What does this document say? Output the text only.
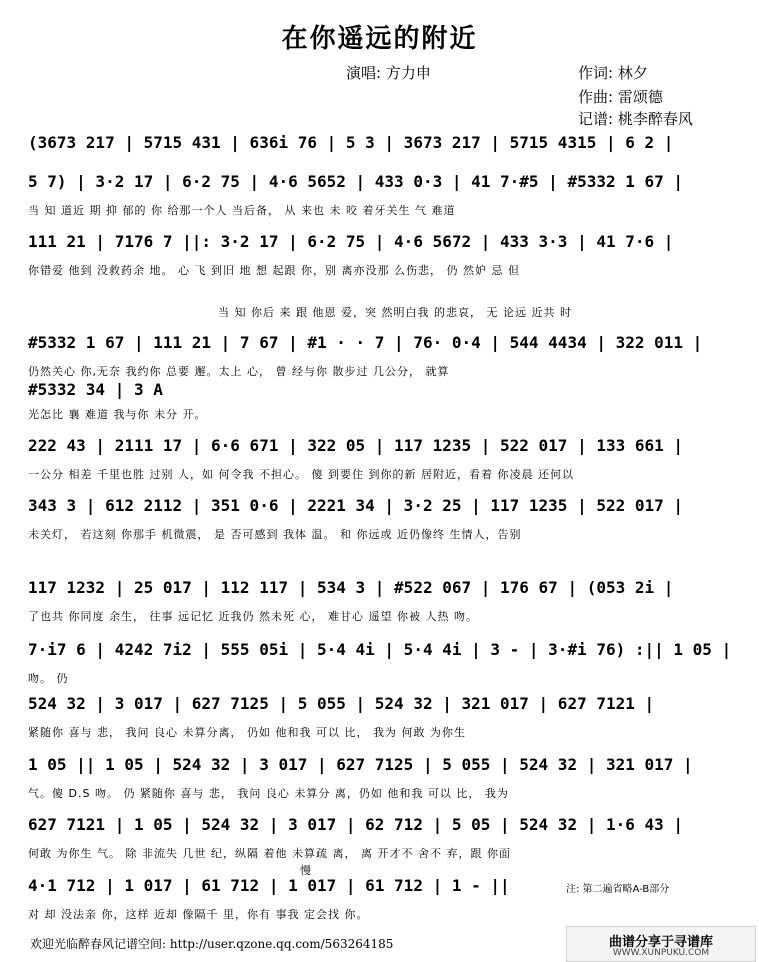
在你遥远的附近
演唱: 方力申	作词: 林夕
作曲: 雷颂德
记谱: 桃李醉春风
(3673 217 | 5715 431 | 636i 76 | 5 3 | 3673 217 | 5715 4315 | 6 2 |
5 7) | 3·2 17 | 6·2 75 | 4·6 5652 | 433 0·3 | 41 7·#5 | #5332 1 67 |
当 知 道近 期 抑 郁的 你 给那一个人 当后备， 从 来也 未 咬 着牙关生 气 难道
111 21 | 7176 7 ||: 3·2 17 | 6·2 75 | 4·6 5672 | 433 3·3 | 41 7·6 |
你错爱 他到 没救药余 地。 心 飞 到旧 地 想 起跟 你，别 离亦没那 么伤悲， 仍 然妒 忌 但
当 知 你后 来 跟 他恩 爱，突 然明白我 的悲哀， 无 论远 近共 时
#5332 1 67 | 111 21 | 7 67 | #1 · · 7 | 76· 0·4 | 544 4434 | 322 011 |
仍然关心 你,无奈 我约你 总要 邂。太上 心， 曾 经与你 散步过 几公分， 就算
#5332 34 | 3 A
光怎比 襄 难道 我与你 未分 开。
222 43 | 2111 17 | 6·6 671 | 322 05 | 117 1235 | 522 017 | 133 661 |
一公分 相差 千里也胜 过别 人，如 何令我 不担心。 傻 到要住 到你的新 居附近，看着 你凌晨 还何以
343 3 | 612 2112 | 351 0·6 | 2221 34 | 3·2 25 | 117 1235 | 522 017 |
未关灯， 若这刻 你那手 机微震， 是 否可感到 我体 温。 和 你远或 近仍像终 生情人，告别
117 1232 | 25 017 | 112 117 | 534 3 | #522 067 | 176 67 | (053 2i |
了也共 你同度 余生， 往事 远记忆 近我仍 然未死 心， 难甘心 遥望 你被 人热 吻。
7·i7 6 | 4242 7i2 | 555 05i | 5·4 4i | 5·4 4i | 3 - | 3·#i 76) :|| 1 05 |
吻。 仍
524 32 | 3 017 | 627 7125 | 5 055 | 524 32 | 321 017 | 627 7121 |
紧随你 喜与 悲， 我问 良心 未算分离， 仍如 他和我 可以 比， 我为 何敢 为你生
1 05 || 1 05 | 524 32 | 3 017 | 627 7125 | 5 055 | 524 32 | 321 017 |
气。傻 D.S 吻。 仍 紧随你 喜与 悲， 我问 良心 未算分 离，仍如 他和我 可以 比， 我为
627 7121 | 1 05 | 524 32 | 3 017 | 62 712 | 5 05 | 524 32 | 1·6 43 |
何敢 为你生 气。 除 非流失 几世 纪，纵隔 着他 未算疏 离， 离 开才不 舍不 弃，跟 你面
慢
4·1 712 | 1 017 | 61 712 | 1 017 | 61 712 | 1 - ||
对 却 没法亲 你，这样 近却 像隔千 里，你有 事我 定会找 你。
注: 第二遍省略A-B部分
欢迎光临醉春风记谱空间: http://user.qzone.qq.com/563264185	曲谱分享于寻谱库
WWW.XUNPUKU.COM
